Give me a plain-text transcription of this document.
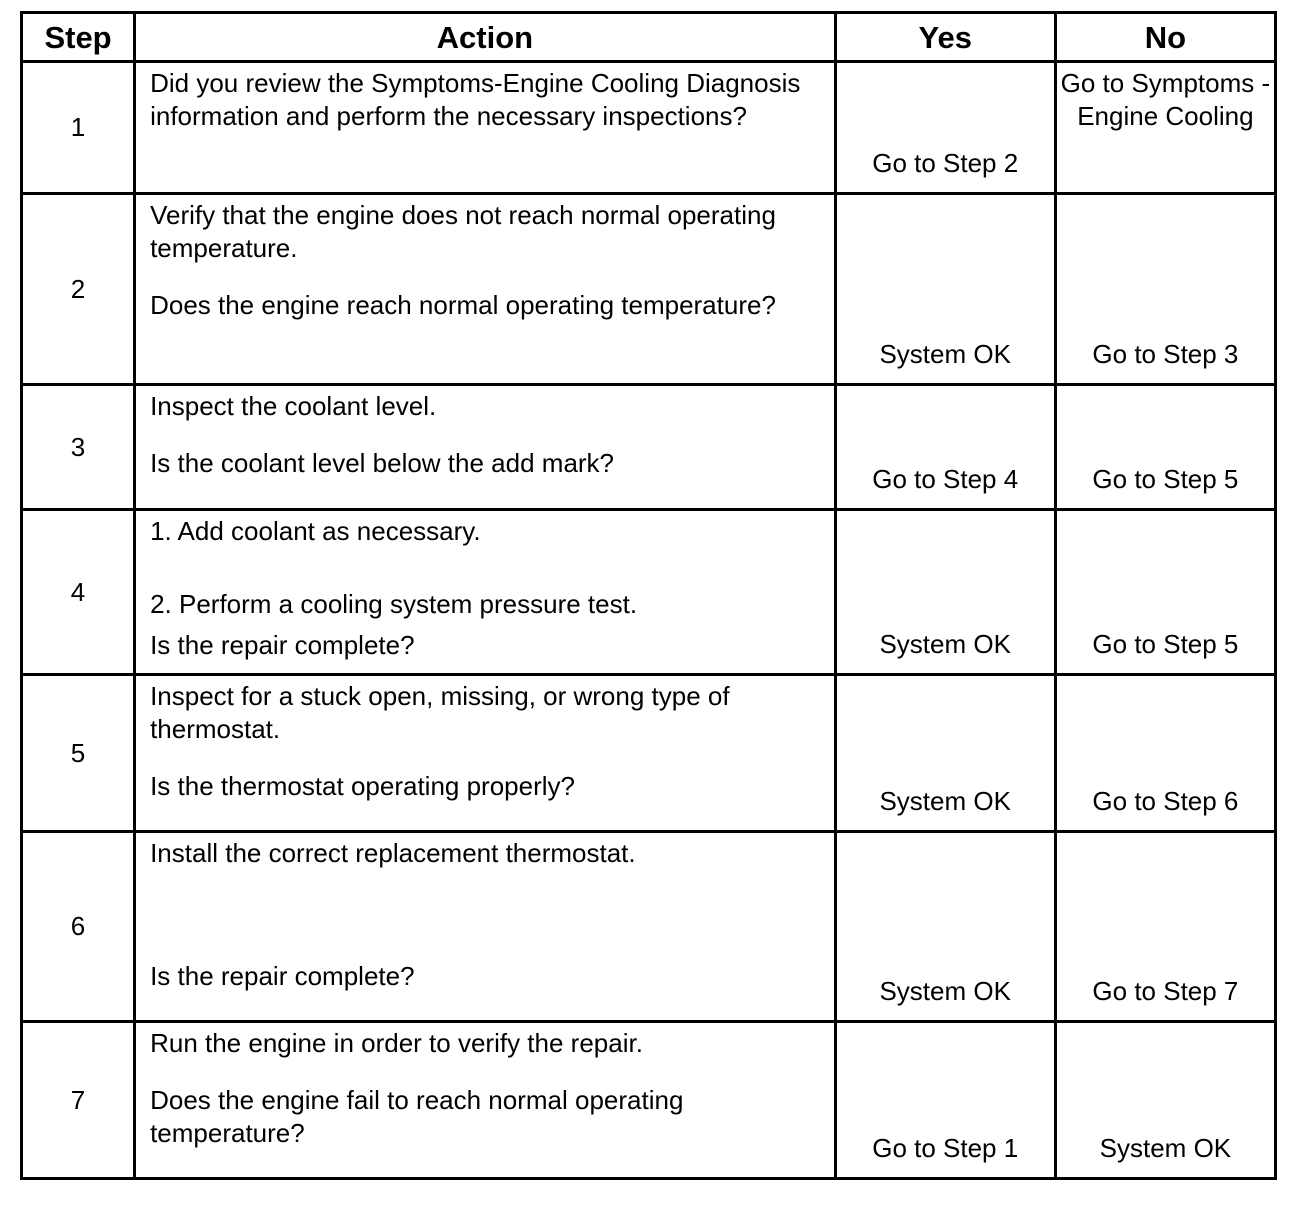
Step	Action	Yes	No
1	Did you review the Symptoms-Engine Cooling Diagnosis information and perform the necessary inspections?	Go to Step 2	Go to Symptoms - Engine Cooling
2	Verify that the engine does not reach normal operating temperature.

Does the engine reach normal operating temperature?	System OK	Go to Step 3
3	Inspect the coolant level.

Is the coolant level below the add mark?	Go to Step 4	Go to Step 5
4	1. Add coolant as necessary.

2. Perform a cooling system pressure test.

Is the repair complete?	System OK	Go to Step 5
5	Inspect for a stuck open, missing, or wrong type of thermostat.

Is the thermostat operating properly?	System OK	Go to Step 6
6	Install the correct replacement thermostat.

Is the repair complete?	System OK	Go to Step 7
7	Run the engine in order to verify the repair.

Does the engine fail to reach normal operating temperature?	Go to Step 1	System OK
